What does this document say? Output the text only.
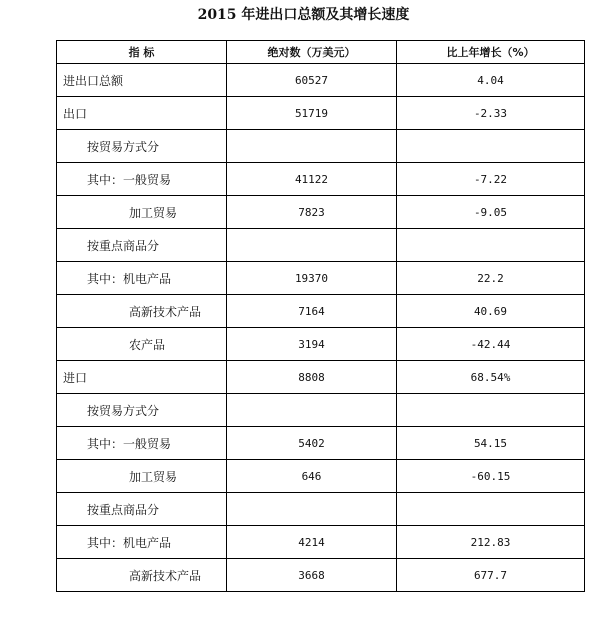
2015 年进出口总额及其增长速度
指 标	绝对数（万美元）	比上年增长（%）
进出口总额	60527	4.04
出口	51719	-2.33
按贸易方式分		
其中：一般贸易	41122	-7.22
加工贸易	7823	-9.05
按重点商品分		
其中：机电产品	19370	22.2
高新技术产品	7164	40.69
农产品	3194	-42.44
进口	8808	68.54%
按贸易方式分		
其中：一般贸易	5402	54.15
加工贸易	646	-60.15
按重点商品分		
其中：机电产品	4214	212.83
高新技术产品	3668	677.7
